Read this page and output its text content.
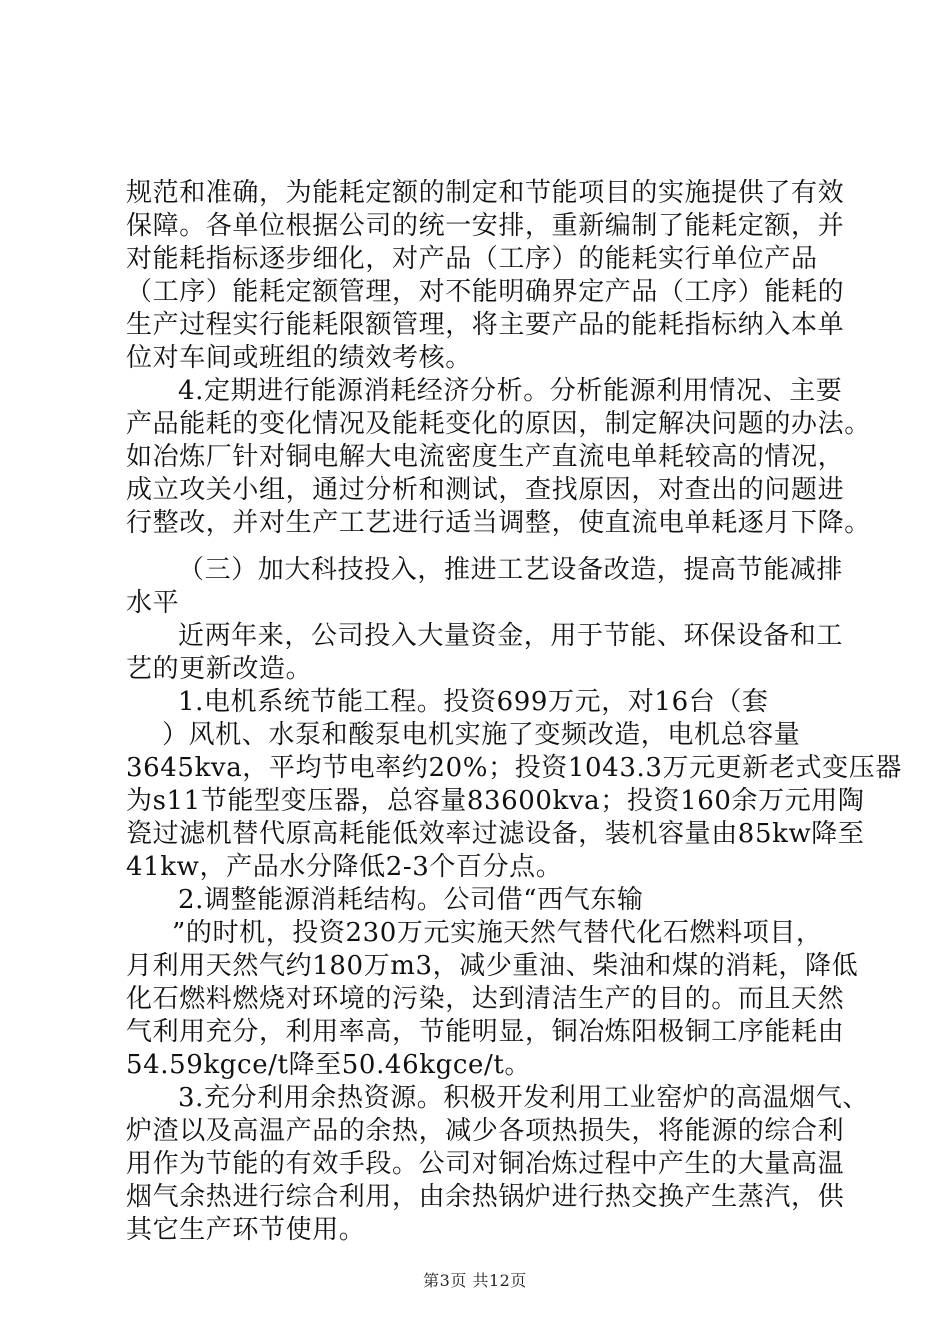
规范和准确，为能耗定额的制定和节能项目的实施提供了有效
保障。各单位根据公司的统一安排，重新编制了能耗定额，并
对能耗指标逐步细化，对产品（工序）的能耗实行单位产品
（工序）能耗定额管理，对不能明确界定产品（工序）能耗的
生产过程实行能耗限额管理，将主要产品的能耗指标纳入本单
位对车间或班组的绩效考核。
4.定期进行能源消耗经济分析。分析能源利用情况、主要
产品能耗的变化情况及能耗变化的原因，制定解决问题的办法。
如冶炼厂针对铜电解大电流密度生产直流电单耗较高的情况，
成立攻关小组，通过分析和测试，查找原因，对查出的问题进
行整改，并对生产工艺进行适当调整，使直流电单耗逐月下降。
（三）加大科技投入，推进工艺设备改造，提高节能减排
水平
近两年来，公司投入大量资金，用于节能、环保设备和工
艺的更新改造。
1.电机系统节能工程。投资699万元，对16台（套
）风机、水泵和酸泵电机实施了变频改造，电机总容量
3645kva，平均节电率约20%；投资1043.3万元更新老式变压器
为s11节能型变压器，总容量83600kva；投资160余万元用陶
瓷过滤机替代原高耗能低效率过滤设备，装机容量由85kw降至
41kw，产品水分降低2-3个百分点。
2.调整能源消耗结构。公司借“西气东输
”的时机，投资230万元实施天然气替代化石燃料项目，
月利用天然气约180万m3，减少重油、柴油和煤的消耗，降低
化石燃料燃烧对环境的污染，达到清洁生产的目的。而且天然
气利用充分，利用率高，节能明显，铜冶炼阳极铜工序能耗由
54.59kgce/t降至50.46kgce/t。
3.充分利用余热资源。积极开发利用工业窑炉的高温烟气、
炉渣以及高温产品的余热，减少各项热损失，将能源的综合利
用作为节能的有效手段。公司对铜冶炼过程中产生的大量高温
烟气余热进行综合利用，由余热锅炉进行热交换产生蒸汽，供
其它生产环节使用。
第3页 共12页
